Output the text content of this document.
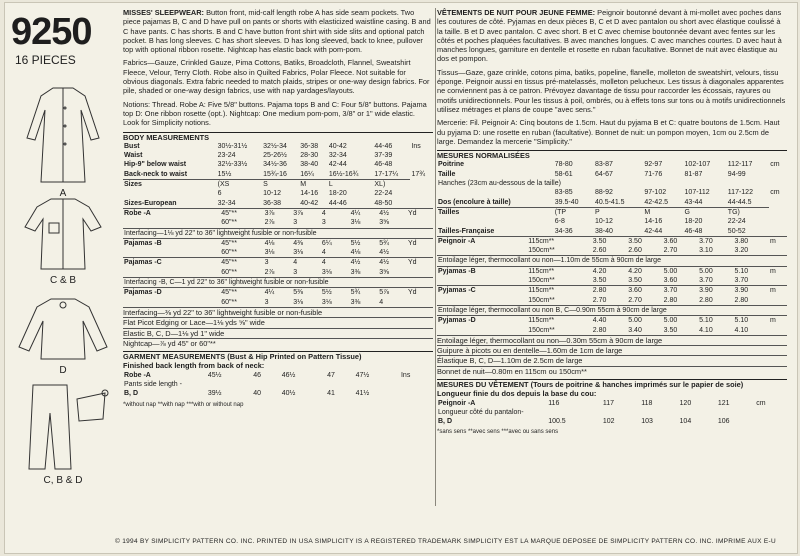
9250
16 PIECES
A
C & B
D
C, B & D

MISSES' SLEEPWEAR: Button front, mid-calf length robe A has side seam pockets. Two piece pajamas B, C and D have pull on pants or shorts with elasticized waistline casing. B and C have pants. C has shorts. B and C have button front shirt with side slits and optional patch pocket. B has long sleeves. C has short sleeves. D has long sleeved, back to knee, pullover top with optional ribbon rosette. Nightcap has elastic back with pom-pom.

Fabrics—Gauze, Crinkled Gauze, Pima Cottons, Batiks, Broadcloth, Flannel, Sweatshirt Fleece, Velour, Terry Cloth. Robe also in Quilted Fabrics, Polar Fleece. Not suitable for obvious diagonals. Extra fabric needed to match plaids, stripes or one-way design fabrics. For pile, shaded or one-way design fabrics, use with nap yardages/layouts.

Notions: Thread. Robe A: Five 5/8" buttons. Pajama tops B and C: Four 5/8" buttons. Pajama top D: One ribbon rosette (opt.). Nightcap: One medium pom-pom, 3/8" or 1" wide elastic. Look for Simplicity notions.

BODY MEASUREMENTS
Bust	30½-31½	32½-34	36-38	40-42	44-46	Ins
Waist	23-24	25-26½	28-30	32-34	37-39	
Hip-9" below waist	32½-33½	34½-36	38-40	42-44	46-48	
Back-neck to waist	15½	15¾-16	16¼	16½-16¾	17-17¼	17¾
Sizes	(XS	S	M	L	XL)	
	6	10-12	14-16	18-20	22-24	
Sizes-European	32-34	36-38	40-42	44-46	48-50	
Robe -A	45"**	3⅞	3⅞	4	4¼	4½	Yd
	60"**	2⅞	3	3	3⅛	3⅝	
Interfacing—1⅛ yd 22" to 36" lightweight fusible or non-fusible							
Pajamas -B	45"**	4⅛	4⅜	6¼	5½	5¾	Yd
	60"**	3⅛	3⅛	4	4⅛	4½	
Pajamas -C	45"**	3	4	4	4½	4½	Yd
	60"**	2⅞	3	3⅛	3⅜	3⅝	
Interfacing -B, C—1 yd 22" to 36" lightweight fusible or non-fusible							
Pajamas -D	45"**	4¼	5⅜	5½	5¾	5⅞	Yd
	60"**	3	3⅛	3⅛	3⅜	4	
Interfacing—⅜ yd 22" to 36" lightweight fusible or non-fusible
Flat Picot Edging or Lace—1⅛ yds ⅝" wide
Elastic B, C, D—1⅛ yd 1" wide
Nightcap—⅞ yd 45" or 60"**
GARMENT MEASUREMENTS (Bust & Hip Printed on Pattern Tissue)
Finished back length from back of neck:
Robe -A	45½	46	46½	47	47½	Ins
Pants side length -						
B, D	39½	40	40½	41	41½	
*without nap **with nap ***with or without nap

VÊTEMENTS DE NUIT POUR JEUNE FEMME: Peignoir boutonné devant à mi-mollet avec poches dans les coutures de côté. Pyjamas en deux pièces B, C et D avec pantalon ou short avec élastique coulissé à la taille. B et D avec pantalon. C avec short. B et C avec chemise boutonnée devant avec fentes sur les côtés et poches plaquées facultatives. B avec manches longues. C avec manches courtes. D avec haut à manches longues, garniture en dentelle et rosette en ruban facultative. Bonnet de nuit avec élastique au dos et pompon.

Tissus—Gaze, gaze crinkle, cotons pima, batiks, popeline, flanelle, molleton de sweatshirt, velours, tissu éponge. Peignoir aussi en tissus pré-matelassés, molleton pelucheux. Les tissus à diagonales apparentes ne conviennent pas à ce patron. Prévoyez davantage de tissu pour raccorder les écossais, rayures ou motifs unidirectionnels. Pour les tissus à poil, ombrés, ou à effets tons sur tons ou à motifs unidirectionnels utilisez métrages et plans de coupe "avec sens."

Mercerie: Fil. Peignoir A: Cinq boutons de 1.5cm. Haut du pyjama B et C: quatre boutons de 1.5cm. Haut du pyjama D: une rosette en ruban (facultative). Bonnet de nuit: un pompon moyen, 1cm ou 2.5cm de large. Demandez la mercerie "Simplicity."

MESURES NORMALISÉES
Poitrine	78-80	83-87	92-97	102-107	112-117	cm
Taille	58-61	64-67	71-76	81-87	94-99	
Hanches (23cm au-dessous de la taille)						
	83-85	88-92	97-102	107-112	117-122	cm
Dos (encolure à taille)	39.5-40	40.5-41.5	42-42.5	43-44	44-44.5	
Tailles	(TP	P	M	G	TG)	
	6-8	10-12	14-16	18-20	22-24	
Tailles-Française	34-36	38-40	42-44	46-48	50-52	
Peignoir -A	115cm**	3.50	3.50	3.60	3.70	3.80	m
	150cm**	2.60	2.60	2.70	3.10	3.20	
Entoilage léger, thermocollant ou non—1.10m de 55cm à 90cm de large							
Pyjamas -B	115cm**	4.20	4.20	5.00	5.00	5.10	m
	150cm**	3.50	3.50	3.60	3.70	3.70	
Pyjamas -C	115cm**	2.80	3.60	3.70	3.90	3.90	m
	150cm**	2.70	2.70	2.80	2.80	2.80	
Entoilage léger, thermocollant ou non B, C—0.90m 55cm à 90cm de large							
Pyjamas -D	115cm**	4.40	5.00	5.00	5.10	5.10	m
	150cm**	2.80	3.40	3.50	4.10	4.10	
Entoilage léger, thermocollant ou non—0.30m 55cm à 90cm de large
Guipure à picots ou en dentelle—1.60m de 1cm de large
Élastique B, C, D—1.10m de 2.5cm de large
Bonnet de nuit—0.80m en 115cm ou 150cm**
MESURES DU VÊTEMENT (Tours de poitrine & hanches imprimés sur le papier de soie)
Longueur finie du dos depuis la base du cou:
Peignoir -A	116	117	118	120	121	cm
Longueur côté du pantalon-						
B, D	100.5	102	103	104	106	
*sans sens **avec sens ***avec ou sans sens
© 1994 BY SIMPLICITY PATTERN CO. INC. PRINTED IN USA SIMPLICITY IS A REGISTERED TRADEMARK SIMPLICITY EST LA MARQUE DEPOSEE DE SIMPLICITY PATTERN CO. INC. IMPRIME AUX E-U
